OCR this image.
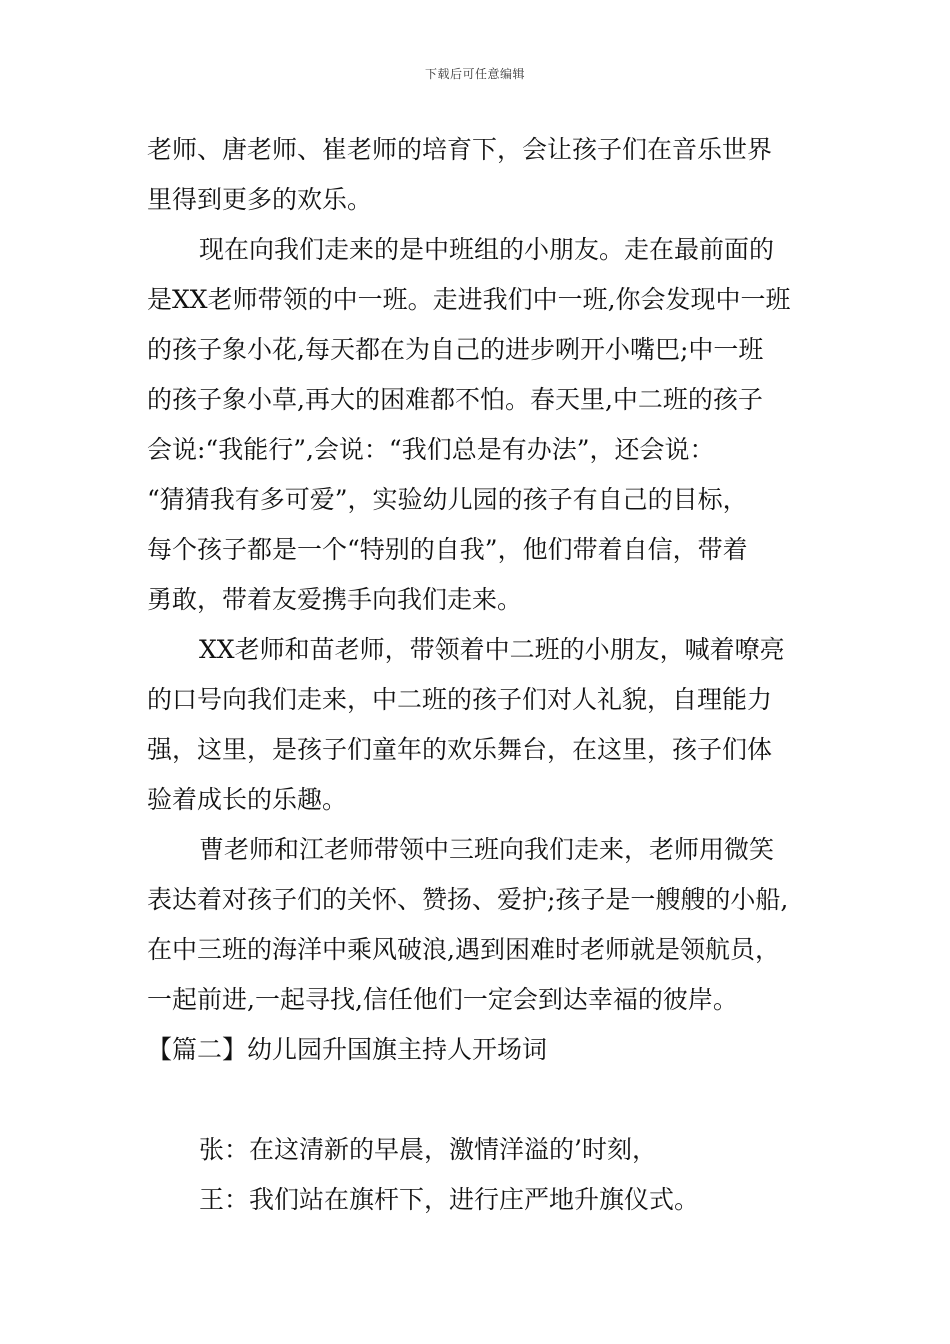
下载后可任意编辑
老师、唐老师、崔老师的培育下，会让孩子们在音乐世界
里得到更多的欢乐。
现在向我们走来的是中班组的小朋友。走在最前面的
是XX老师带领的中一班。走进我们中一班,你会发现中一班
的孩子象小花,每天都在为自己的进步咧开小嘴巴;中一班
的孩子象小草,再大的困难都不怕。春天里,中二班的孩子
会说:“我能行”,会说：“我们总是有办法”，还会说：
“猜猜我有多可爱”，实验幼儿园的孩子有自己的目标，
每个孩子都是一个“特别的自我”，他们带着自信，带着
勇敢，带着友爱携手向我们走来。
XX老师和苗老师，带领着中二班的小朋友，喊着嘹亮
的口号向我们走来，中二班的孩子们对人礼貌，自理能力
强，这里，是孩子们童年的欢乐舞台，在这里，孩子们体
验着成长的乐趣。
曹老师和江老师带领中三班向我们走来，老师用微笑
表达着对孩子们的关怀、赞扬、爱护;孩子是一艘艘的小船,
在中三班的海洋中乘风破浪,遇到困难时老师就是领航员，
一起前进,一起寻找,信任他们一定会到达幸福的彼岸。
【篇二】幼儿园升国旗主持人开场词
张：在这清新的早晨，激情洋溢的’时刻，
王：我们站在旗杆下，进行庄严地升旗仪式。
